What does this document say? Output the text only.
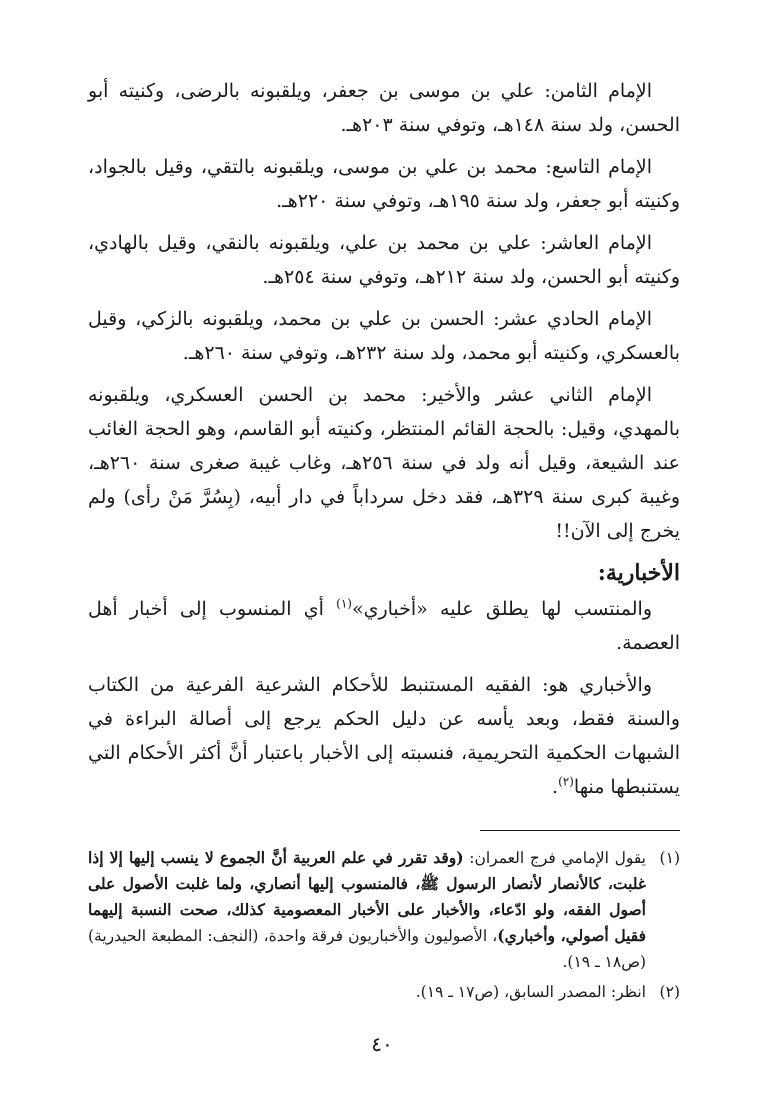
الإمام الثامن: علي بن موسى بن جعفر، ويلقبونه بالرضى، وكنيته أبو الحسن، ولد سنة ١٤٨هـ، وتوفي سنة ٢٠٣هـ.

الإمام التاسع: محمد بن علي بن موسى، ويلقبونه بالتقي، وقيل بالجواد، وكنيته أبو جعفر، ولد سنة ١٩٥هـ، وتوفي سنة ٢٢٠هـ.

الإمام العاشر: علي بن محمد بن علي، ويلقبونه بالنقي، وقيل بالهادي، وكنيته أبو الحسن، ولد سنة ٢١٢هـ، وتوفي سنة ٢٥٤هـ.

الإمام الحادي عشر: الحسن بن علي بن محمد، ويلقبونه بالزكي، وقيل بالعسكري، وكنيته أبو محمد، ولد سنة ٢٣٢هـ، وتوفي سنة ٢٦٠هـ.

الإمام الثاني عشر والأخير: محمد بن الحسن العسكري، ويلقبونه بالمهدي، وقيل: بالحجة القائم المنتظر، وكنيته أبو القاسم، وهو الحجة الغائب عند الشيعة، وقيل أنه ولد في سنة ٢٥٦هـ، وغاب غيبة صغرى سنة ٢٦٠هـ، وغيبة كبرى سنة ٣٢٩هـ، فقد دخل سرداباً في دار أبيه، (بِسُرَّ مَنْ رأى) ولم يخرج إلى الآن!!

الأخبارية:

والمنتسب لها يطلق عليه «أخباري»$^{(١)}$ أي المنسوب إلى أخبار أهل العصمة.

والأخباري هو: الفقيه المستنبط للأحكام الشرعية الفرعية من الكتاب والسنة فقط، وبعد يأسه عن دليل الحكم يرجع إلى أصالة البراءة في الشبهات الحكمية التحريمية، فنسبته إلى الأخبار باعتبار أنَّ أكثر الأحكام التي يستنبطها منها$^{(٢)}$.

(١)
يقول الإمامي فرج العمران: (وقد تقرر في علم العربية أنَّ الجموع لا ينسب إليها إلا إذا غلبت، كالأنصار لأنصار الرسول ﷺ، فالمنسوب إليها أنصاري، ولما غلبت الأصول على أصول الفقه، ولو ادّعاء، والأخبار على الأخبار المعصومية كذلك، صحت النسبة إليهما فقيل أصولي، وأخباري)، الأصوليون والأخباريون فرقة واحدة، (النجف: المطبعة الحيدرية) (ص١٨ ـ ١٩).
(٢)
انظر: المصدر السابق، (ص١٧ ـ ١٩).
٤٠
